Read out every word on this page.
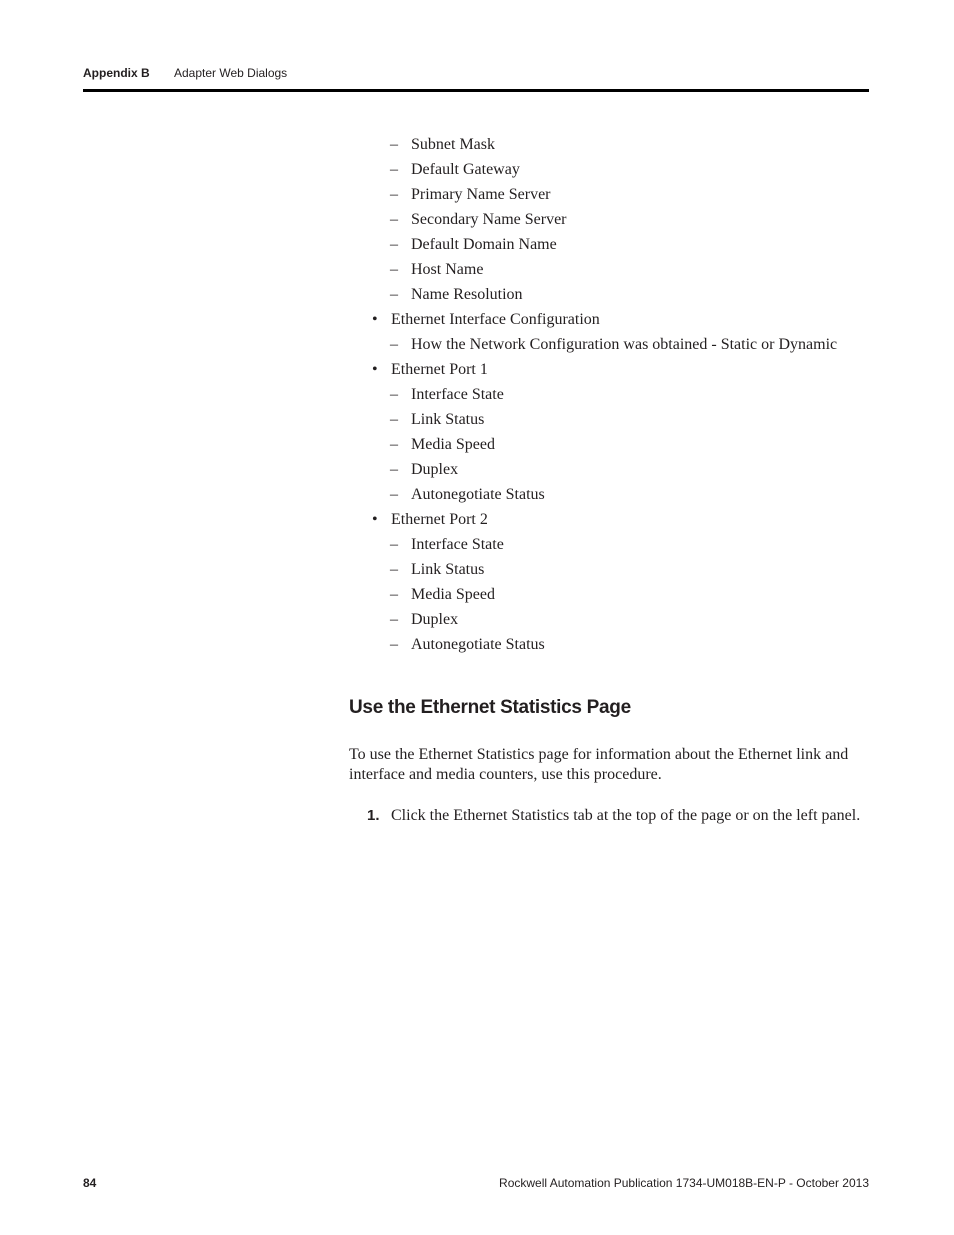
Appendix B Adapter Web Dialogs
– Subnet Mask
– Default Gateway
– Primary Name Server
– Secondary Name Server
– Default Domain Name
– Host Name
– Name Resolution
• Ethernet Interface Configuration
– How the Network Configuration was obtained - Static or Dynamic
• Ethernet Port 1
– Interface State
– Link Status
– Media Speed
– Duplex
– Autonegotiate Status
• Ethernet Port 2
– Interface State
– Link Status
– Media Speed
– Duplex
– Autonegotiate Status
Use the Ethernet Statistics Page
To use the Ethernet Statistics page for information about the Ethernet link and interface and media counters, use this procedure.
1. Click the Ethernet Statistics tab at the top of the page or on the left panel.
84	Rockwell Automation Publication 1734-UM018B-EN-P - October 2013
